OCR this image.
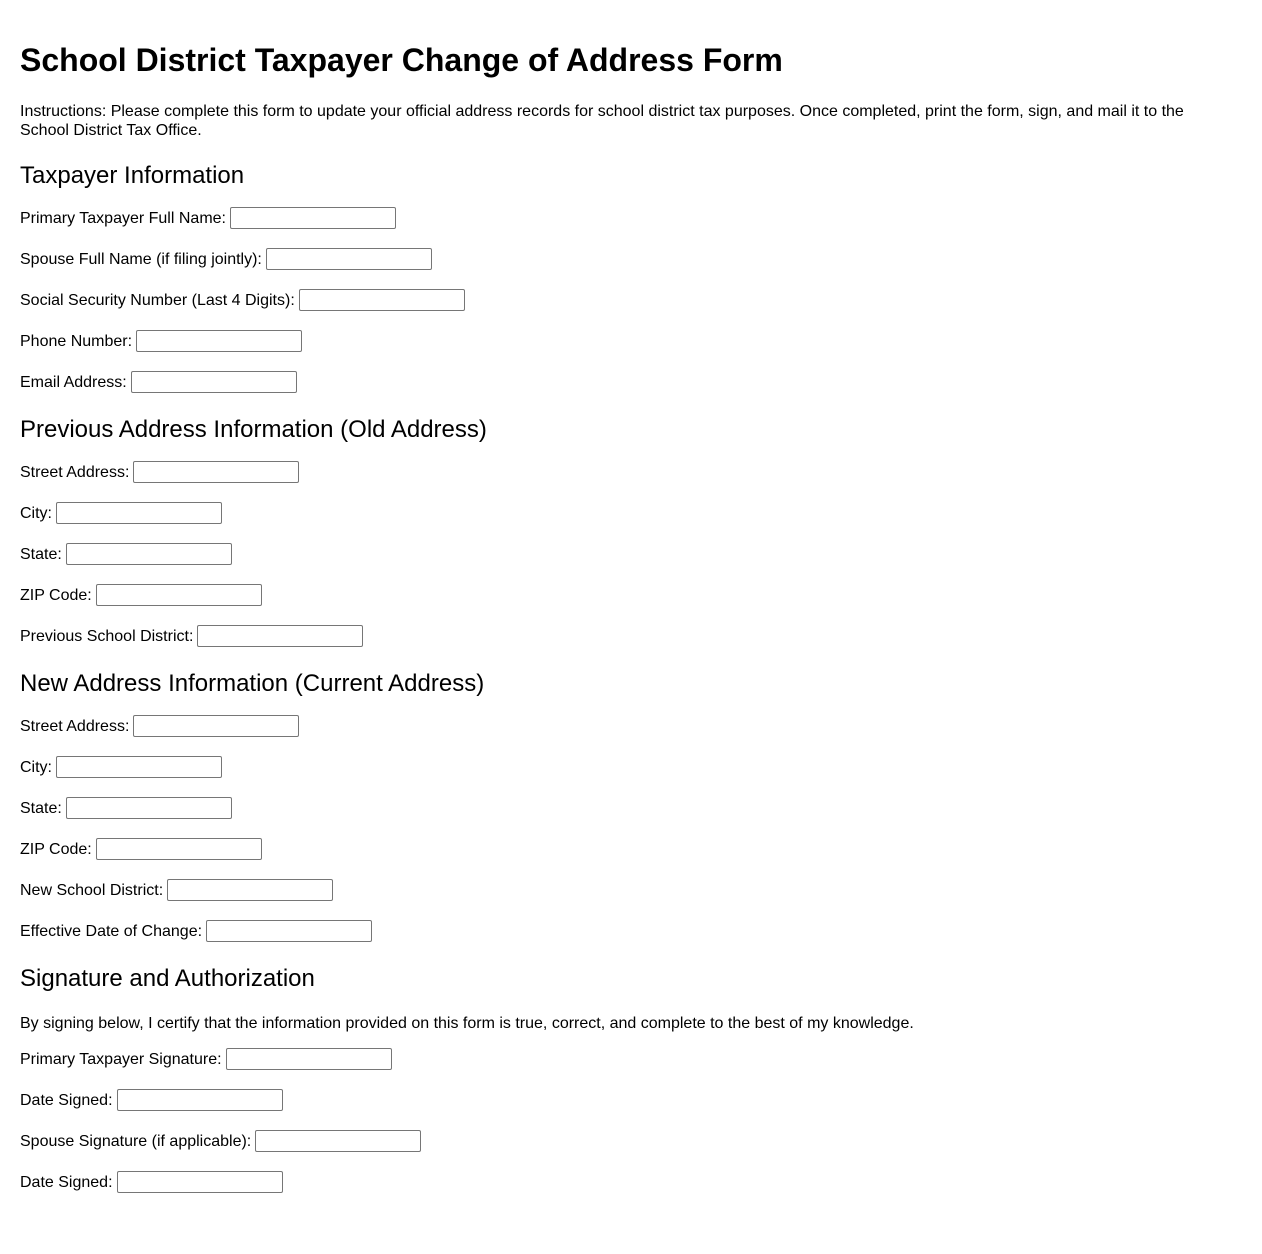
School District Taxpayer Change of Address Form
Instructions: Please complete this form to update your official address records for school district tax purposes. Once completed, print the form, sign, and mail it to the School District Tax Office.
Taxpayer Information
Primary Taxpayer Full Name:
Spouse Full Name (if filing jointly):
Social Security Number (Last 4 Digits):
Phone Number:
Email Address:
Previous Address Information (Old Address)
Street Address:
City:
State:
ZIP Code:
Previous School District:
New Address Information (Current Address)
Street Address:
City:
State:
ZIP Code:
New School District:
Effective Date of Change:
Signature and Authorization
By signing below, I certify that the information provided on this form is true, correct, and complete to the best of my knowledge.
Primary Taxpayer Signature:
Date Signed:
Spouse Signature (if applicable):
Date Signed:
